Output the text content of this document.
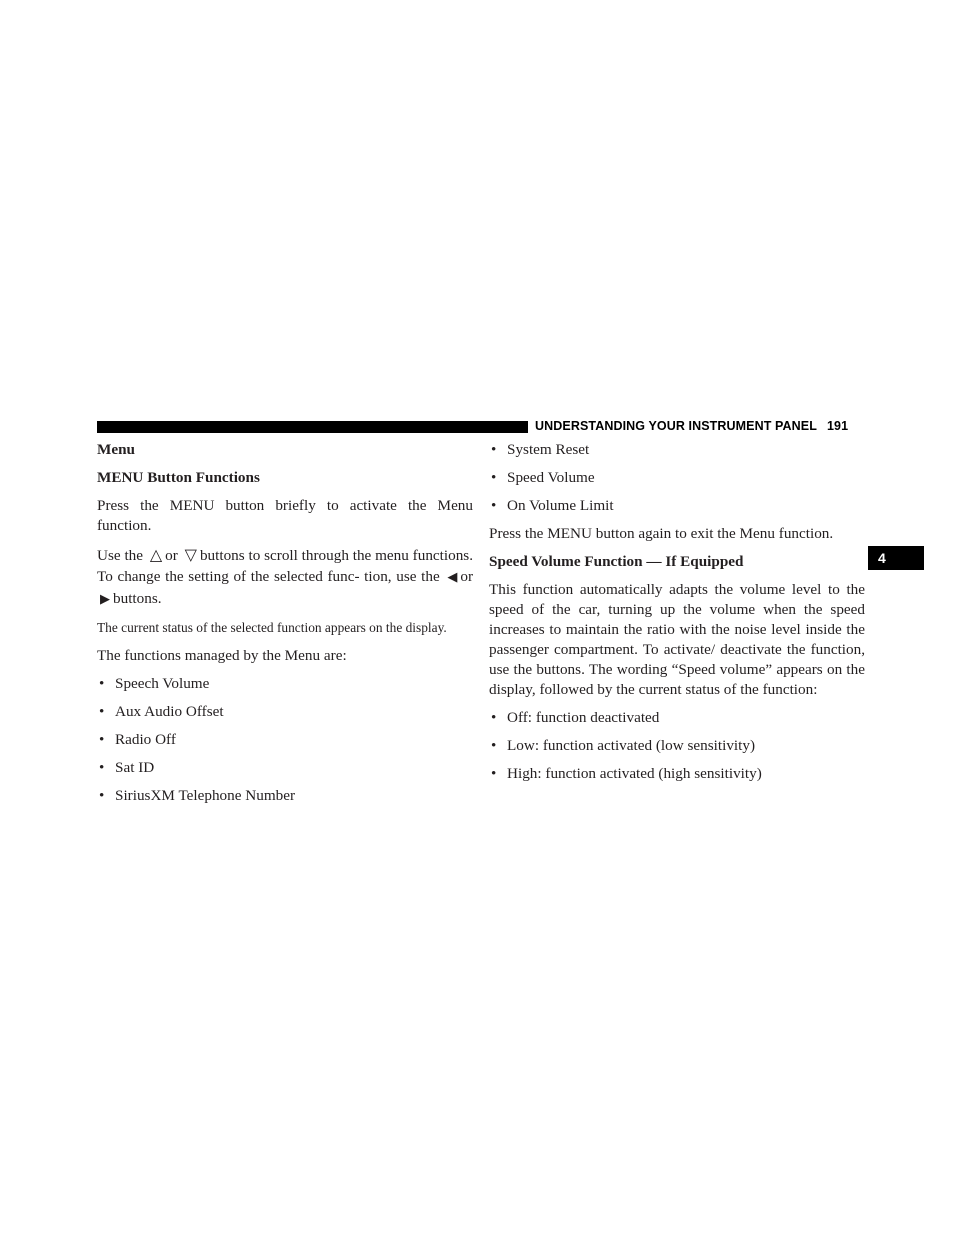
UNDERSTANDING YOUR INSTRUMENT PANEL 191
4

Menu

MENU Button Functions

Press the MENU button briefly to activate the Menu function.

Use the △ or ▽ buttons to scroll through the menu functions. To change the setting of the selected func- tion, use the ◀ or ▶ buttons.

The current status of the selected function appears on the display.

The functions managed by the Menu are:

• Speech Volume
• Aux Audio Offset
• Radio Off
• Sat ID
• SiriusXM Telephone Number
• System Reset
• Speed Volume
• On Volume Limit

Press the MENU button again to exit the Menu function.

Speed Volume Function — If Equipped

This function automatically adapts the volume level to the speed of the car, turning up the volume when the speed increases to maintain the ratio with the noise level inside the passenger compartment. To activate/ deactivate the function, use the buttons. The wording “Speed volume” appears on the display, followed by the current status of the function:

• Off: function deactivated
• Low: function activated (low sensitivity)
• High: function activated (high sensitivity)
